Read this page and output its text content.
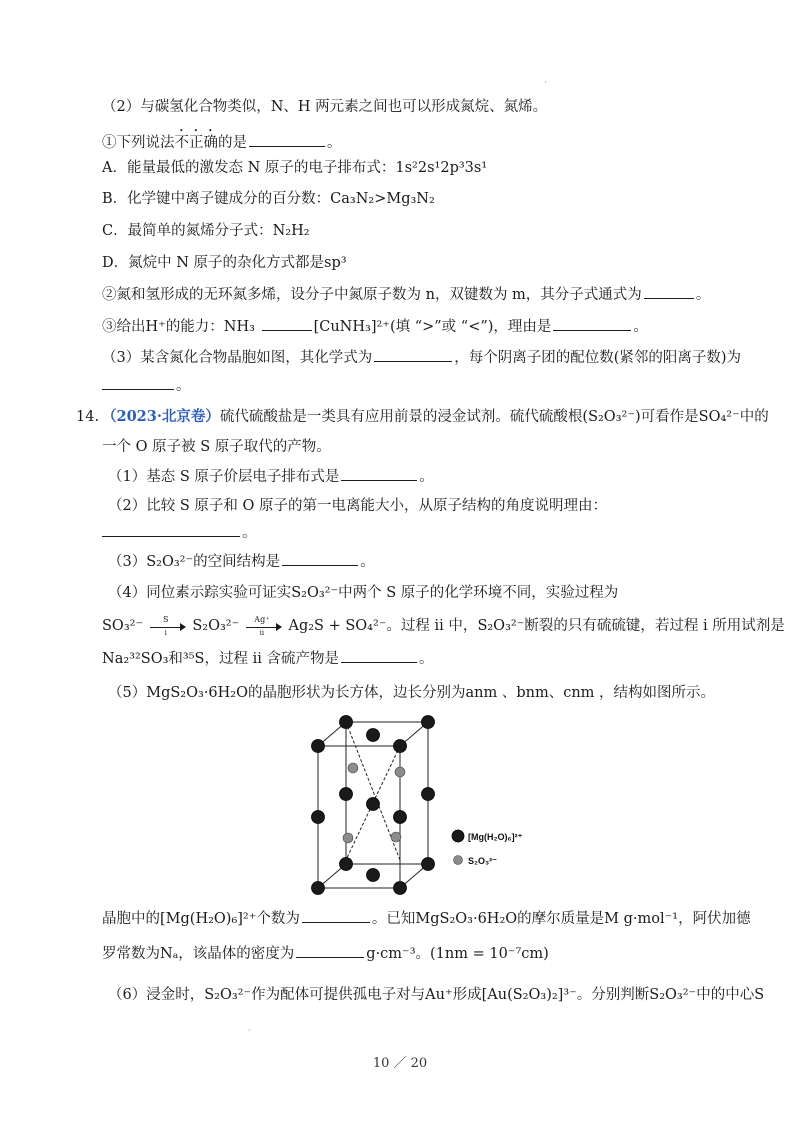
·
（2）与碳氢化合物类似，N、H 两元素之间也可以形成氮烷、氮烯。
①下列说法不正确的是	。
A．能量最低的激发态 N 原子的电子排布式：1s²2s¹2p³3s¹
B．化学键中离子键成分的百分数：Ca₃N₂>Mg₃N₂
C．最简单的氮烯分子式：N₂H₂
D．氮烷中 N 原子的杂化方式都是sp³
②氮和氢形成的无环氮多烯，设分子中氮原子数为 n，双键数为 m，其分子式通式为	。
③给出H⁺的能力：NH₃	[CuNH₃]²⁺(填 “>”或 “<”)，理由是	。
（3）某含氮化合物晶胞如图，其化学式为	，每个阴离子团的配位数(紧邻的阳离子数)为
。
14. （2023·北京卷）硫代硫酸盐是一类具有应用前景的浸金试剂。硫代硫酸根(S₂O₃²⁻)可看作是SO₄²⁻中的
一个 O 原子被 S 原子取代的产物。
（1）基态 S 原子价层电子排布式是	。
（2）比较 S 原子和 O 原子的第一电离能大小，从原子结构的角度说明理由：
。
（3）S₂O₃²⁻的空间结构是	。
（4）同位素示踪实验可证实S₂O₃²⁻中两个 S 原子的化学环境不同，实验过程为
$SO_3^{2-} \frac{S}{i} S_2O_3^{2-} \frac{Ag^+}{ii} Ag_2S + SO_4^{2-}$。过程 ii 中，S₂O₃²⁻断裂的只有硫硫键，若过程 i 所用试剂是
Na₂³²SO₃和³⁵S，过程 ii 含硫产物是	。
（5）MgS₂O₃·6H₂O的晶胞形状为长方体，边长分别为anm 、bnm、cnm ，结构如图所示。
[Mg(H₂O)₆]²⁺
S₂O₃²⁻
晶胞中的[Mg(H₂O)₆]²⁺个数为	。已知MgS₂O₃·6H₂O的摩尔质量是M g·mol⁻¹，阿伏加德
罗常数为Nₐ，该晶体的密度为	g·cm⁻³。(1nm = 10⁻⁷cm)
（6）浸金时，S₂O₃²⁻作为配体可提供孤电子对与Au⁺形成[Au(S₂O₃)₂]³⁻。分别判断S₂O₃²⁻中的中心S
·
10 ／ 20
